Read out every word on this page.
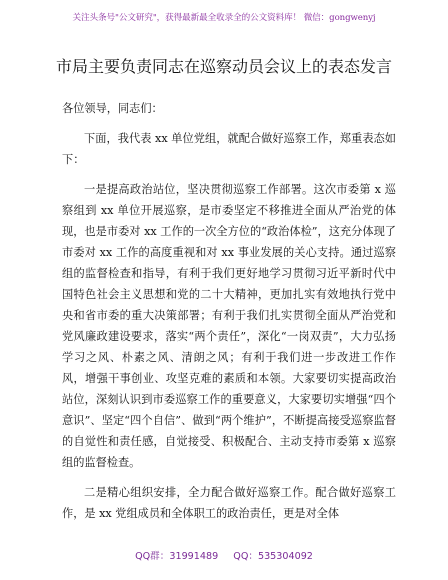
关注头条号"公文研究"，获得最新最全收录全的公文资料库！ 微信：gongwenyj
市局主要负责同志在巡察动员会议上的表态发言

各位领导，同志们：

下面，我代表 xx 单位党组，就配合做好巡察工作，郑重表态如下：

一是提高政治站位，坚决贯彻巡察工作部署。这次市委第 x 巡察组到 xx 单位开展巡察，是市委坚定不移推进全面从严治党的体现，也是市委对 xx 工作的一次全方位的“政治体检”，这充分体现了市委对 xx 工作的高度重视和对 xx 事业发展的关心支持。通过巡察组的监督检查和指导，有利于我们更好地学习贯彻习近平新时代中国特色社会主义思想和党的二十大精神，更加扎实有效地执行党中央和省市委的重大决策部署；有利于我们扎实贯彻全面从严治党和党风廉政建设要求，落实“两个责任”，深化“一岗双责”，大力弘扬学习之风、朴素之风、清朗之风；有利于我们进一步改进工作作风，增强干事创业、攻坚克难的素质和本领。大家要切实提高政治站位，深刻认识到市委巡察工作的重要意义，大家要切实增强“四个意识”、坚定“四个自信”、做到“两个维护”，不断提高接受巡察监督的自觉性和责任感，自觉接受、积极配合、主动支持市委第 x 巡察组的监督检查。

二是精心组织安排，全力配合做好巡察工作。配合做好巡察工作，是 xx 党组成员和全体职工的政治责任，更是对全体

QQ群：31991489 QQ：535304092
